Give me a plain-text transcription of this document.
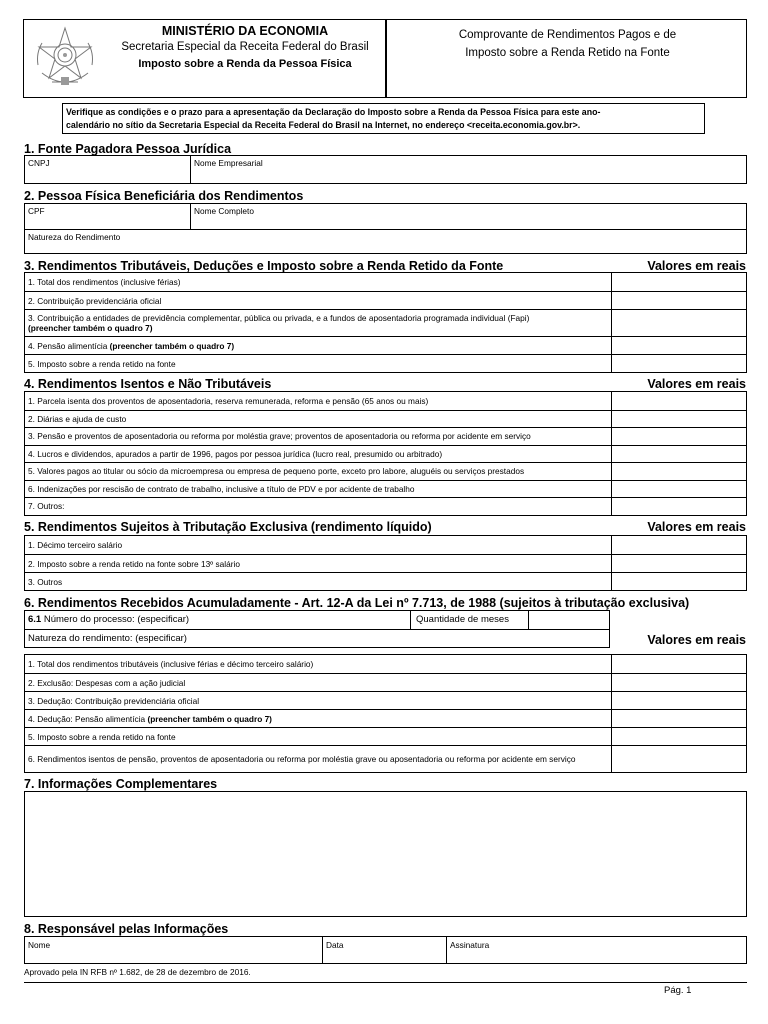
MINISTÉRIO DA ECONOMIA
Secretaria Especial da Receita Federal do Brasil
Imposto sobre a Renda da Pessoa Física
Comprovante de Rendimentos Pagos e de
Imposto sobre a Renda Retido na Fonte
Verifique as condições e o prazo para a apresentação da Declaração do Imposto sobre a Renda da Pessoa Física para este ano-
calendário no sítio da Secretaria Especial da Receita Federal do Brasil na Internet, no endereço <receita.economia.gov.br>.
1. Fonte Pagadora Pessoa Jurídica
CNPJ	Nome Empresarial
2. Pessoa Física Beneficiária dos Rendimentos
CPF	Nome Completo
Natureza do Rendimento
3. Rendimentos Tributáveis, Deduções e Imposto sobre a Renda Retido da Fonte	Valores em reais
1. Total dos rendimentos (inclusive férias)
2. Contribuição previdenciária oficial
3. Contribuição a entidades de previdência complementar, pública ou privada, e a fundos de aposentadoria programada individual (Fapi)
(preencher também o quadro 7)
4. Pensão alimentícia (preencher também o quadro 7)
5. Imposto sobre a renda retido na fonte
4. Rendimentos Isentos e Não Tributáveis	Valores em reais
1. Parcela isenta dos proventos de aposentadoria, reserva remunerada, reforma e pensão (65 anos ou mais)
2. Diárias e ajuda de custo
3. Pensão e proventos de aposentadoria ou reforma por moléstia grave; proventos de aposentadoria ou reforma por acidente em serviço
4. Lucros e dividendos, apurados a partir de 1996, pagos por pessoa jurídica (lucro real, presumido ou arbitrado)
5. Valores pagos ao titular ou sócio da microempresa ou empresa de pequeno porte, exceto pro labore, aluguéis ou serviços prestados
6. Indenizações por rescisão de contrato de trabalho, inclusive a título de PDV e por acidente de trabalho
7. Outros:
5. Rendimentos Sujeitos à Tributação Exclusiva (rendimento líquido)	Valores em reais
1. Décimo terceiro salário
2. Imposto sobre a renda retido na fonte sobre 13º salário
3. Outros
6. Rendimentos Recebidos Acumuladamente - Art. 12-A da Lei nº 7.713, de 1988 (sujeitos à tributação exclusiva)
6.1 Número do processo: (especificar)	Quantidade de meses
Natureza do rendimento: (especificar)	Valores em reais
1. Total dos rendimentos tributáveis (inclusive férias e décimo terceiro salário)
2. Exclusão: Despesas com a ação judicial
3. Dedução: Contribuição previdenciária oficial
4. Dedução: Pensão alimentícia (preencher também o quadro 7)
5. Imposto sobre a renda retido na fonte
6. Rendimentos isentos de pensão, proventos de aposentadoria ou reforma por moléstia grave ou aposentadoria ou reforma por acidente em serviço
7. Informações Complementares
8. Responsável pelas Informações
Nome	Data	Assinatura
Aprovado pela IN RFB nº 1.682, de 28 de dezembro de 2016.
Pág. 1
